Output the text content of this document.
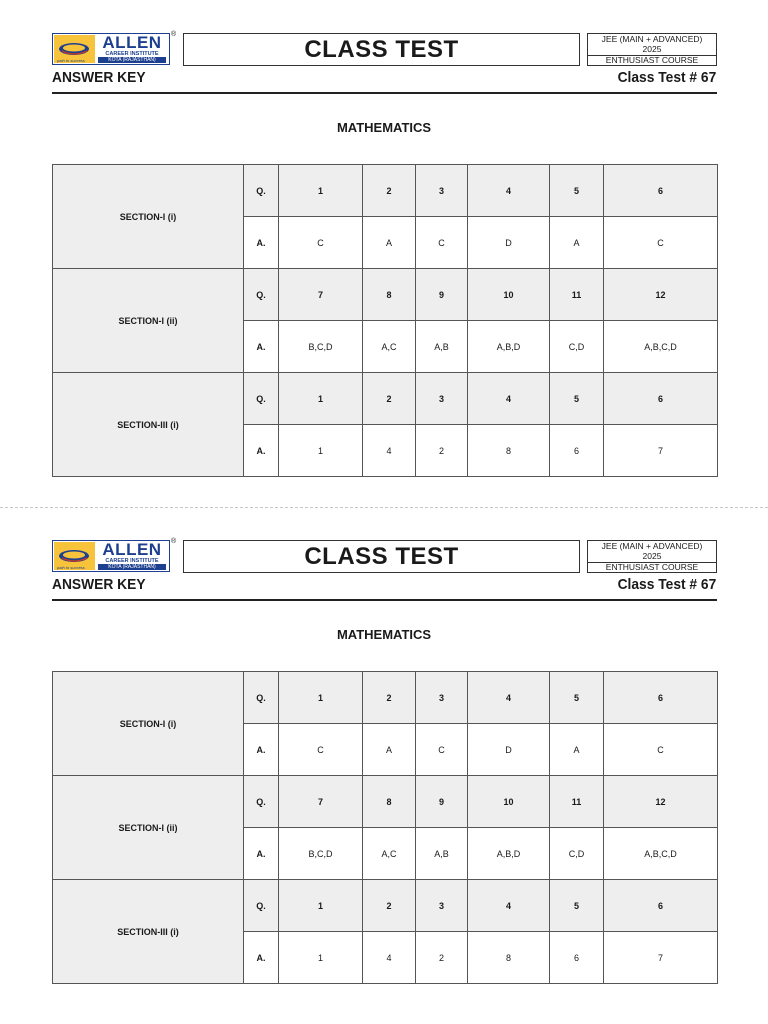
path to success
ALLEN
CAREER INSTITUTE
KOTA (RAJASTHAN)
®
CLASS TEST	JEE (MAIN + ADVANCED)
2025
ENTHUSIAST COURSE
ANSWER KEY	Class Test # 67
MATHEMATICS
SECTION-I (i)	Q.	1	2	3	4	5	6
	A.	C	A	C	D	A	C
SECTION-I (ii)	Q.	7	8	9	10	11	12
	A.	B,C,D	A,C	A,B	A,B,D	C,D	A,B,C,D
SECTION-III (i)	Q.	1	2	3	4	5	6
	A.	1	4	2	8	6	7
path to success
ALLEN
CAREER INSTITUTE
KOTA (RAJASTHAN)
®
CLASS TEST	JEE (MAIN + ADVANCED)
2025
ENTHUSIAST COURSE
ANSWER KEY	Class Test # 67
MATHEMATICS
SECTION-I (i)	Q.	1	2	3	4	5	6
	A.	C	A	C	D	A	C
SECTION-I (ii)	Q.	7	8	9	10	11	12
	A.	B,C,D	A,C	A,B	A,B,D	C,D	A,B,C,D
SECTION-III (i)	Q.	1	2	3	4	5	6
	A.	1	4	2	8	6	7
